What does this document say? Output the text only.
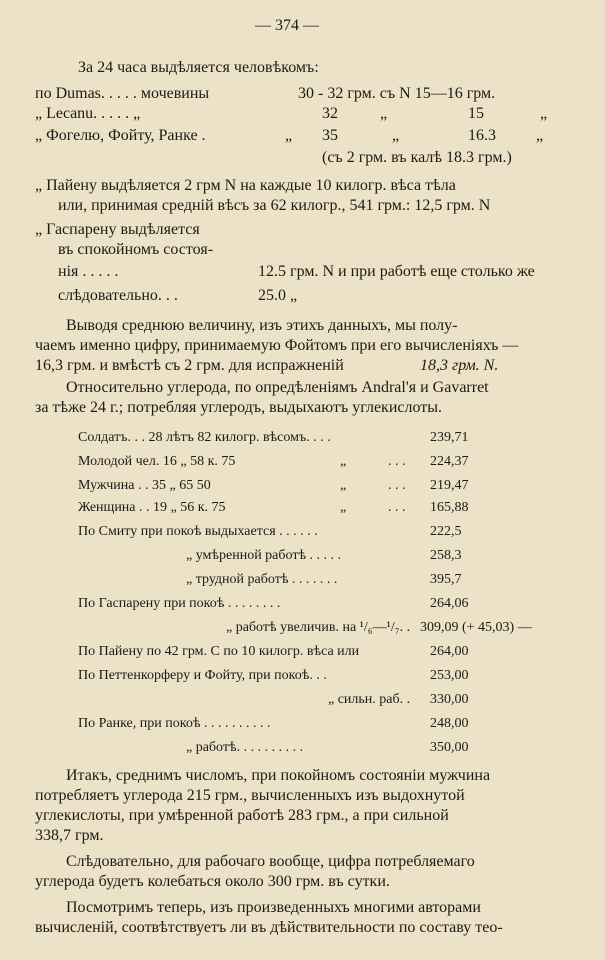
— 374 —
За 24 часа выдѣляется человѣкомъ:
по Dumas. . . . . мочевины	30 - 32 грм. съ N 15—16 грм.
„ Lecanu. . . . . „	32	„	15	„
„ Фогелю, Фойту, Ранке .	„ 35	„	16.3	„
(съ 2 грм. въ калѣ 18.3 грм.)
„ Пайену выдѣляется 2 грм N на каждые 10 килогр. вѣса тѣла
или, принимая среднiй вѣсъ за 62 килогр., 541 грм.: 12,5 грм. N
„ Гаспарену выдѣляется
въ спокойномъ состоя-
нiя . . . . .	12.5 грм. N и при работѣ еще столько же
слѣдовательно. . .	25.0 „
Выводя среднюю величину, изъ этихъ данныхъ, мы полу-
чаемъ именно цифру, принимаемую Фойтомъ при его вычисленiяхъ —
16,3 грм. и вмѣстѣ съ 2 грм. для испражненiй	18,3 грм. N.
Относительно углерода, по опредѣленiямъ Andral'я и Gavarret
за тѣже 24 г.; потребляя углеродъ, выдыхаютъ углекислоты.
Солдатъ. . . 28 лѣтъ 82 килогр. вѣсомъ. . . .	239,71
Молодой чел. 16 „ 58 к. 75	„	. . . 224,37
Мужчина . . 35 „ 65 50	„	. . . 219,47
Женщина . . 19 „ 56 к. 75	„	. . . 165,88
По Смиту при покоѣ выдыхается . . . . . .	222,5
„ умѣренной работѣ . . . . .	258,3
„ трудной работѣ . . . . . . .	395,7
По Гаспарену при покоѣ . . . . . . . .	264,06
„ работѣ увеличив. на ¹/₆—¹/₇. . 309,09 (+ 45,03) —
По Пайену по 42 грм. C по 10 килогр. вѣса или	264,00
По Петтенкорферу и Фойту, при покоѣ. . .	253,00
„ сильн. раб. . 330,00
По Ранке, при покоѣ . . . . . . . . . .	248,00
„ работѣ. . . . . . . . . .	350,00
Итакъ, среднимъ числомъ, при покойномъ состоянiи мужчина
потребляетъ углерода 215 грм., вычисленныхъ изъ выдохнутой
углекислоты, при умѣренной работѣ 283 грм., а при сильной
338,7 грм.
Слѣдовательно, для рабочаго вообще, цифра потребляемаго
углерода будетъ колебаться около 300 грм. въ сутки.
Посмотримъ теперь, изъ произведенныхъ многими авторами
вычисленiй, соотвѣтствуетъ ли въ дѣйствительности по составу тео-
